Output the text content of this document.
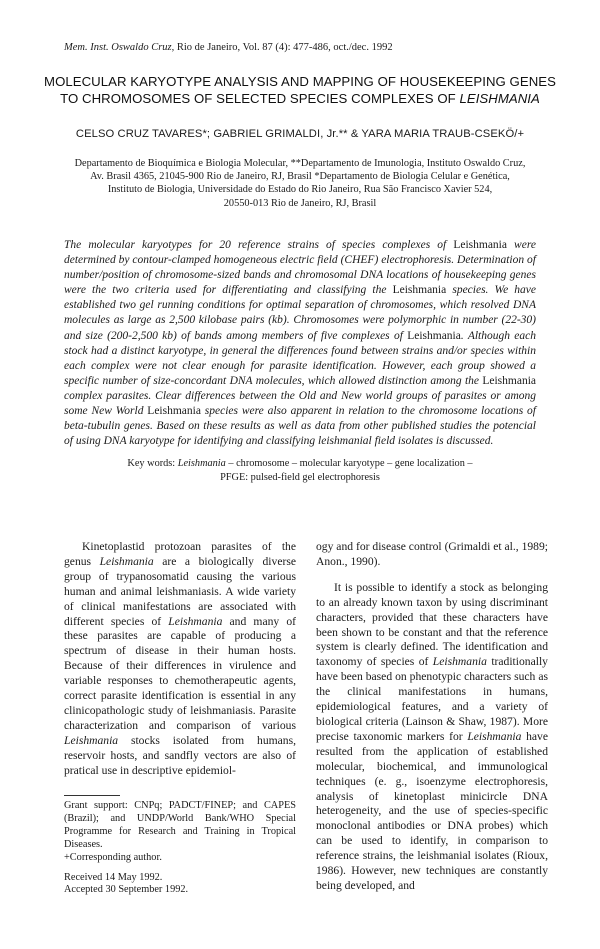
Mem. Inst. Oswaldo Cruz, Rio de Janeiro, Vol. 87 (4): 477-486, oct./dec. 1992
MOLECULAR KARYOTYPE ANALYSIS AND MAPPING OF HOUSEKEEPING GENES
TO CHROMOSOMES OF SELECTED SPECIES COMPLEXES OF LEISHMANIA
CELSO CRUZ TAVARES*; GABRIEL GRIMALDI, Jr.** & YARA MARIA TRAUB-CSEKÖ/+
Departamento de Bioquímica e Biologia Molecular, **Departamento de Imunologia, Instituto Oswaldo Cruz,
Av. Brasil 4365, 21045-900 Rio de Janeiro, RJ, Brasil *Departamento de Biologia Celular e Genética,
Instituto de Biologia, Universidade do Estado do Rio Janeiro, Rua São Francisco Xavier 524,
20550-013 Rio de Janeiro, RJ, Brasil
The molecular karyotypes for 20 reference strains of species complexes of Leishmania were determined by contour-clamped homogeneous electric field (CHEF) electrophoresis. Determination of number/position of chromosome-sized bands and chromosomal DNA locations of housekeeping genes were the two criteria used for differentiating and classifying the Leishmania species. We have established two gel running conditions for optimal separation of chromosomes, which resolved DNA molecules as large as 2,500 kilobase pairs (kb). Chromosomes were polymorphic in number (22-30) and size (200-2,500 kb) of bands among members of five complexes of Leishmania. Although each stock had a distinct karyotype, in general the differences found between strains and/or species within each complex were not clear enough for parasite identification. However, each group showed a specific number of size-concordant DNA molecules, which allowed distinction among the Leishmania complex parasites. Clear differences between the Old and New world groups of parasites or among some New World Leishmania species were also apparent in relation to the chromosome locations of beta-tubulin genes. Based on these results as well as data from other published studies the potencial of using DNA karyotype for identifying and classifying leishmanial field isolates is discussed.
Key words: Leishmania – chromosome – molecular karyotype – gene localization –
PFGE: pulsed-field gel electrophoresis

Kinetoplastid protozoan parasites of the genus Leishmania are a biologically diverse group of trypanosomatid causing the various human and animal leishmaniasis. A wide variety of clinical manifestations are associated with different species of Leishmania and many of these parasites are capable of producing a spectrum of disease in their human hosts. Because of their differences in virulence and variable responses to chemotherapeutic agents, correct parasite identification is essential in any clinicopathologic study of leishmaniasis. Parasite characterization and comparison of various Leishmania stocks isolated from humans, reservoir hosts, and sandfly vectors are also of pratical use in descriptive epidemiol-

ogy and for disease control (Grimaldi et al., 1989; Anon., 1990).

It is possible to identify a stock as belonging to an already known taxon by using discriminant characters, provided that these characters have been shown to be constant and that the reference system is clearly defined. The identification and taxonomy of species of Leishmania traditionally have been based on phenotypic characters such as the clinical manifestations in humans, epidemiological features, and a variety of biological criteria (Lainson & Shaw, 1987). More precise taxonomic markers for Leishmania have resulted from the application of established molecular, biochemical, and immunological techniques (e. g., isoenzyme electrophoresis, analysis of kinetoplast minicircle DNA heterogeneity, and the use of species-specific monoclonal antibodies or DNA probes) which can be used to identify, in comparison to reference strains, the leishmanial isolates (Rioux, 1986). However, new techniques are constantly being developed, and

Grant support: CNPq; PADCT/FINEP; and CAPES (Brazil); and UNDP/World Bank/WHO Special Programme for Research and Training in Tropical Diseases.
+Corresponding author.
Received 14 May 1992.
Accepted 30 September 1992.
